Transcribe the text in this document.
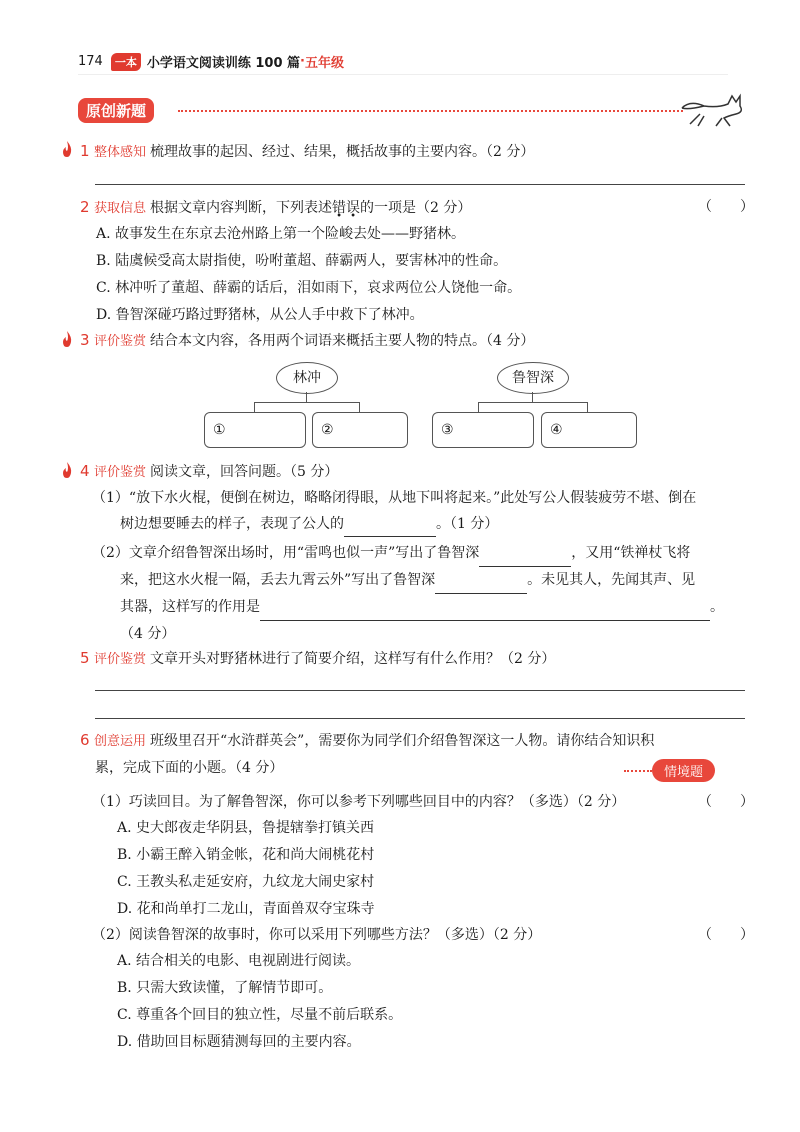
174	一本 小学语文阅读训练 100 篇 · 五年级
原创新题
1 整体感知 梳理故事的起因、经过、结果，概括故事的主要内容。（2 分）
2 获取信息 根据文章内容判断，下列表述错误的一项是（2 分）	（　　）
A. 故事发生在东京去沧州路上第一个险峻去处——野猪林。
B. 陆虞候受高太尉指使，吩咐董超、薛霸两人，要害林冲的性命。
C. 林冲听了董超、薛霸的话后，泪如雨下，哀求两位公人饶他一命。
D. 鲁智深碰巧路过野猪林，从公人手中救下了林冲。
3 评价鉴赏 结合本文内容，各用两个词语来概括主要人物的特点。（4 分）
林冲	鲁智深
①	②	③	④
4 评价鉴赏 阅读文章，回答问题。（5 分）
（1）“放下水火棍，便倒在树边，略略闭得眼，从地下叫将起来。”此处写公人假装疲劳不堪、倒在
树边想要睡去的样子，表现了公人的	。（1 分）
（2）文章介绍鲁智深出场时，用“雷鸣也似一声”写出了鲁智深	，又用“铁禅杖飞将
来，把这水火棍一隔，丢去九霄云外”写出了鲁智深	。未见其人，先闻其声、见
其器，这样写的作用是	。
（4 分）
5 评价鉴赏 文章开头对野猪林进行了简要介绍，这样写有什么作用？（2 分）
6 创意运用 班级里召开“水浒群英会”，需要你为同学们介绍鲁智深这一人物。请你结合知识积
累，完成下面的小题。（4 分）	情境题
（1）巧读回目。为了解鲁智深，你可以参考下列哪些回目中的内容？（多选）（2 分）	（　　）
A. 史大郎夜走华阴县，鲁提辖拳打镇关西
B. 小霸王醉入销金帐，花和尚大闹桃花村
C. 王教头私走延安府，九纹龙大闹史家村
D. 花和尚单打二龙山，青面兽双夺宝珠寺
（2）阅读鲁智深的故事时，你可以采用下列哪些方法？（多选）（2 分）	（　　）
A. 结合相关的电影、电视剧进行阅读。
B. 只需大致读懂，了解情节即可。
C. 尊重各个回目的独立性，尽量不前后联系。
D. 借助回目标题猜测每回的主要内容。
